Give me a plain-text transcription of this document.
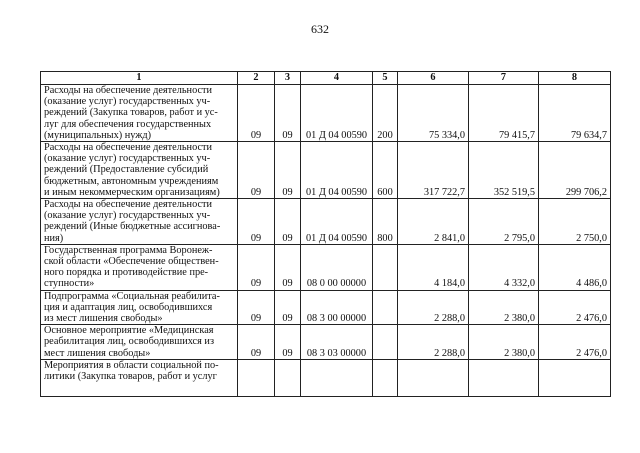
632
1	2	3	4	5	6	7	8
Расходы на обеспечение деятельности
(оказание услуг) государственных уч-
реждений (Закупка товаров, работ и ус-
луг для обеспечения государственных
(муниципальных) нужд)	09	09	01 Д 04 00590	200	75 334,0	79 415,7	79 634,7
Расходы на обеспечение деятельности
(оказание услуг) государственных уч-
реждений (Предоставление субсидий
бюджетным, автономным учреждениям
и иным некоммерческим организациям)	09	09	01 Д 04 00590	600	317 722,7	352 519,5	299 706,2
Расходы на обеспечение деятельности
(оказание услуг) государственных уч-
реждений (Иные бюджетные ассигнова-
ния)	09	09	01 Д 04 00590	800	2 841,0	2 795,0	2 750,0
Государственная программа Воронеж-
ской области «Обеспечение обществен-
ного порядка и противодействие пре-
ступности»	09	09	08 0 00 00000		4 184,0	4 332,0	4 486,0
Подпрограмма «Социальная реабилита-
ция и адаптация лиц, освободившихся
из мест лишения свободы»	09	09	08 3 00 00000		2 288,0	2 380,0	2 476,0
Основное мероприятие «Медицинская
реабилитация лиц, освободившихся из
мест лишения свободы»	09	09	08 3 03 00000		2 288,0	2 380,0	2 476,0
Мероприятия в области социальной по-
литики (Закупка товаров, работ и услуг							
